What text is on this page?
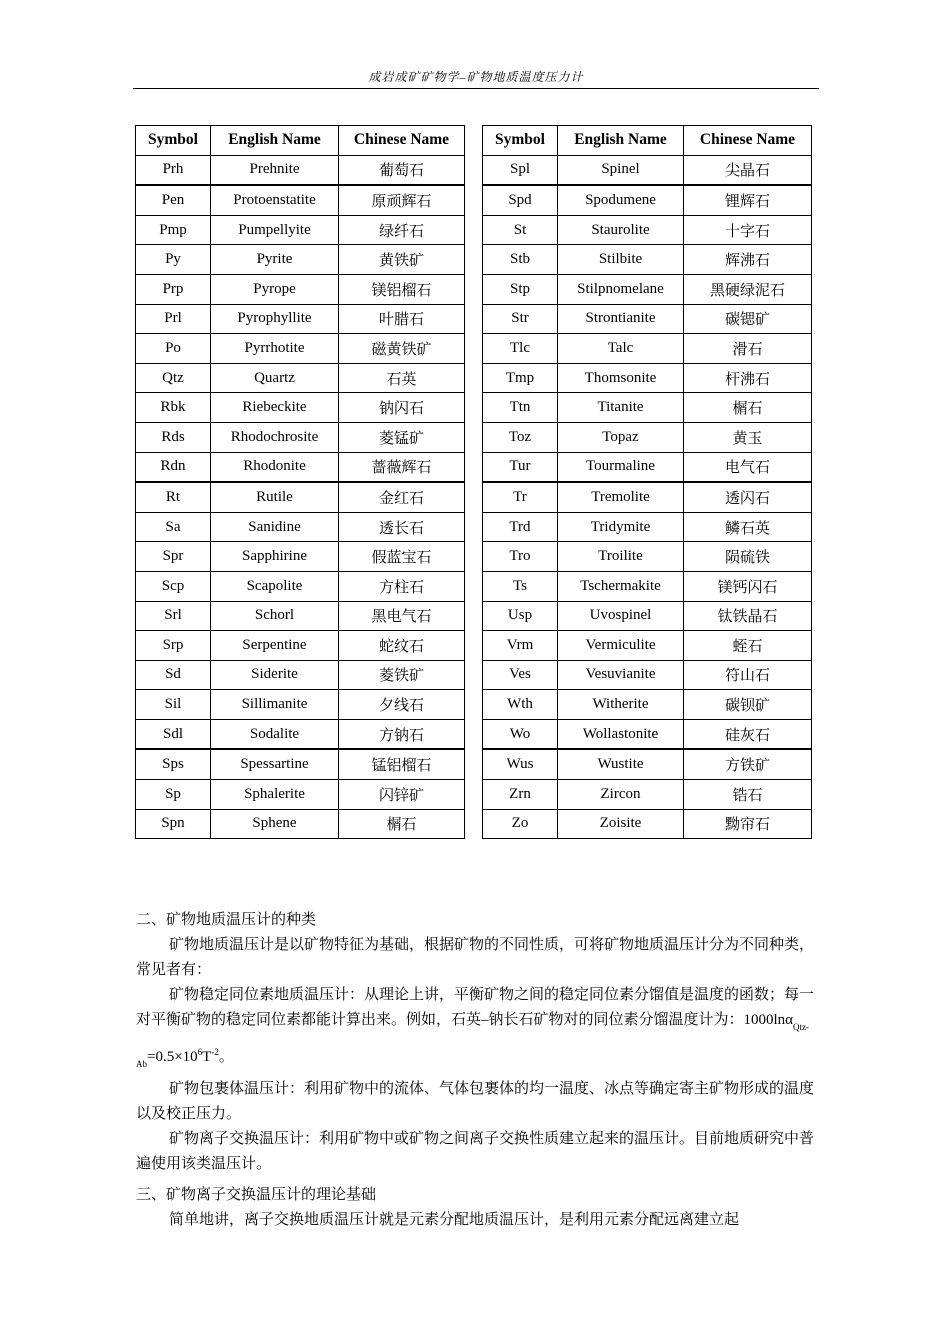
成岩成矿矿物学–矿物地质温度压力计
Symbol	English Name	Chinese Name		Symbol	English Name	Chinese Name
Prh	Prehnite	葡萄石		Spl	Spinel	尖晶石
Pen	Protoenstatite	原顽辉石		Spd	Spodumene	锂辉石
Pmp	Pumpellyite	绿纤石		St	Staurolite	十字石
Py	Pyrite	黄铁矿		Stb	Stilbite	辉沸石
Prp	Pyrope	镁铝榴石		Stp	Stilpnomelane	黑硬绿泥石
Prl	Pyrophyllite	叶腊石		Str	Strontianite	碳锶矿
Po	Pyrrhotite	磁黄铁矿		Tlc	Talc	滑石
Qtz	Quartz	石英		Tmp	Thomsonite	杆沸石
Rbk	Riebeckite	钠闪石		Ttn	Titanite	榍石
Rds	Rhodochrosite	菱锰矿		Toz	Topaz	黄玉
Rdn	Rhodonite	蔷薇辉石		Tur	Tourmaline	电气石
Rt	Rutile	金红石		Tr	Tremolite	透闪石
Sa	Sanidine	透长石		Trd	Tridymite	鳞石英
Spr	Sapphirine	假蓝宝石		Tro	Troilite	陨硫铁
Scp	Scapolite	方柱石		Ts	Tschermakite	镁钙闪石
Srl	Schorl	黑电气石		Usp	Uvospinel	钛铁晶石
Srp	Serpentine	蛇纹石		Vrm	Vermiculite	蛭石
Sd	Siderite	菱铁矿		Ves	Vesuvianite	符山石
Sil	Sillimanite	夕线石		Wth	Witherite	碳钡矿
Sdl	Sodalite	方钠石		Wo	Wollastonite	硅灰石
Sps	Spessartine	锰铝榴石		Wus	Wustite	方铁矿
Sp	Sphalerite	闪锌矿		Zrn	Zircon	锆石
Spn	Sphene	榍石		Zo	Zoisite	黝帘石

二、矿物地质温压计的种类

矿物地质温压计是以矿物特征为基础，根据矿物的不同性质，可将矿物地质温压计分为不同种类，常见者有：

矿物稳定同位素地质温压计：从理论上讲，平衡矿物之间的稳定同位素分馏值是温度的函数；每一对平衡矿物的稳定同位素都能计算出来。例如，石英–钠长石矿物对的同位素分馏温度计为：$1000\ln\alpha_{Qtz-Ab}=0.5\times 10^6T^{-2}$。

矿物包裹体温压计：利用矿物中的流体、气体包裹体的均一温度、冰点等确定寄主矿物形成的温度以及校正压力。

矿物离子交换温压计：利用矿物中或矿物之间离子交换性质建立起来的温压计。目前地质研究中普遍使用该类温压计。

三、矿物离子交换温压计的理论基础

简单地讲，离子交换地质温压计就是元素分配地质温压计，是利用元素分配远离建立起
